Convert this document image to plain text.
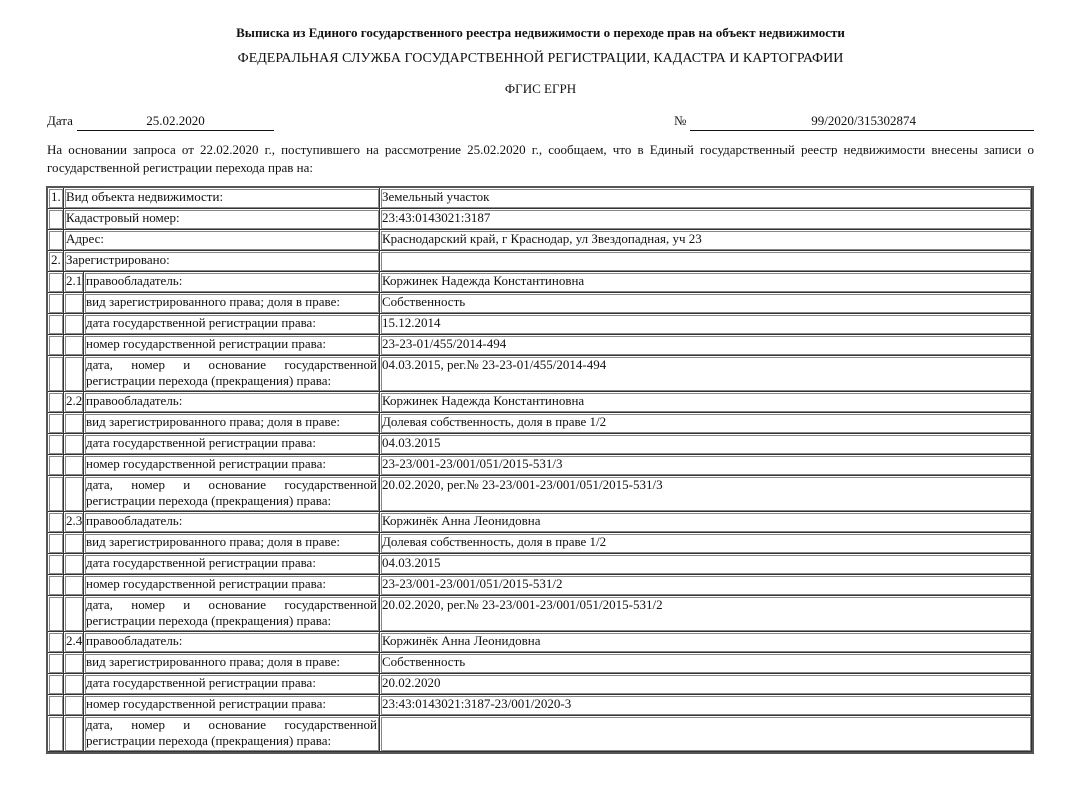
Выписка из Единого государственного реестра недвижимости о переходе прав на объект недвижимости
ФЕДЕРАЛЬНАЯ СЛУЖБА ГОСУДАРСТВЕННОЙ РЕГИСТРАЦИИ, КАДАСТРА И КАРТОГРАФИИ
ФГИС ЕГРН
Дата	25.02.2020	№	99/2020/315302874
На основании запроса от 22.02.2020 г., поступившего на рассмотрение 25.02.2020 г., сообщаем, что в Единый государственный реестр недвижимости внесены записи о государственной регистрации перехода прав на:
1.	Вид объекта недвижимости:		Земельный участок
	Кадастровый номер:		23:43:0143021:3187
	Адрес:		Краснодарский край, г Краснодар, ул Звездопадная, уч 23
2.	Зарегистрировано:		
	2.1	правообладатель:	Коржинек Надежда Константиновна
		вид зарегистрированного права; доля в праве:	Собственность
		дата государственной регистрации права:	15.12.2014
		номер государственной регистрации права:	23-23-01/455/2014-494
		дата, номер и основание государственной регистрации перехода (прекращения) права:	04.03.2015, рег.№ 23-23-01/455/2014-494
	2.2	правообладатель:	Коржинек Надежда Константиновна
		вид зарегистрированного права; доля в праве:	Долевая собственность, доля в праве 1/2
		дата государственной регистрации права:	04.03.2015
		номер государственной регистрации права:	23-23/001-23/001/051/2015-531/3
		дата, номер и основание государственной регистрации перехода (прекращения) права:	20.02.2020, рег.№ 23-23/001-23/001/051/2015-531/3
	2.3	правообладатель:	Коржинёк Анна Леонидовна
		вид зарегистрированного права; доля в праве:	Долевая собственность, доля в праве 1/2
		дата государственной регистрации права:	04.03.2015
		номер государственной регистрации права:	23-23/001-23/001/051/2015-531/2
		дата, номер и основание государственной регистрации перехода (прекращения) права:	20.02.2020, рег.№ 23-23/001-23/001/051/2015-531/2
	2.4	правообладатель:	Коржинёк Анна Леонидовна
		вид зарегистрированного права; доля в праве:	Собственность
		дата государственной регистрации права:	20.02.2020
		номер государственной регистрации права:	23:43:0143021:3187-23/001/2020-3
		дата, номер и основание государственной регистрации перехода (прекращения) права:	
